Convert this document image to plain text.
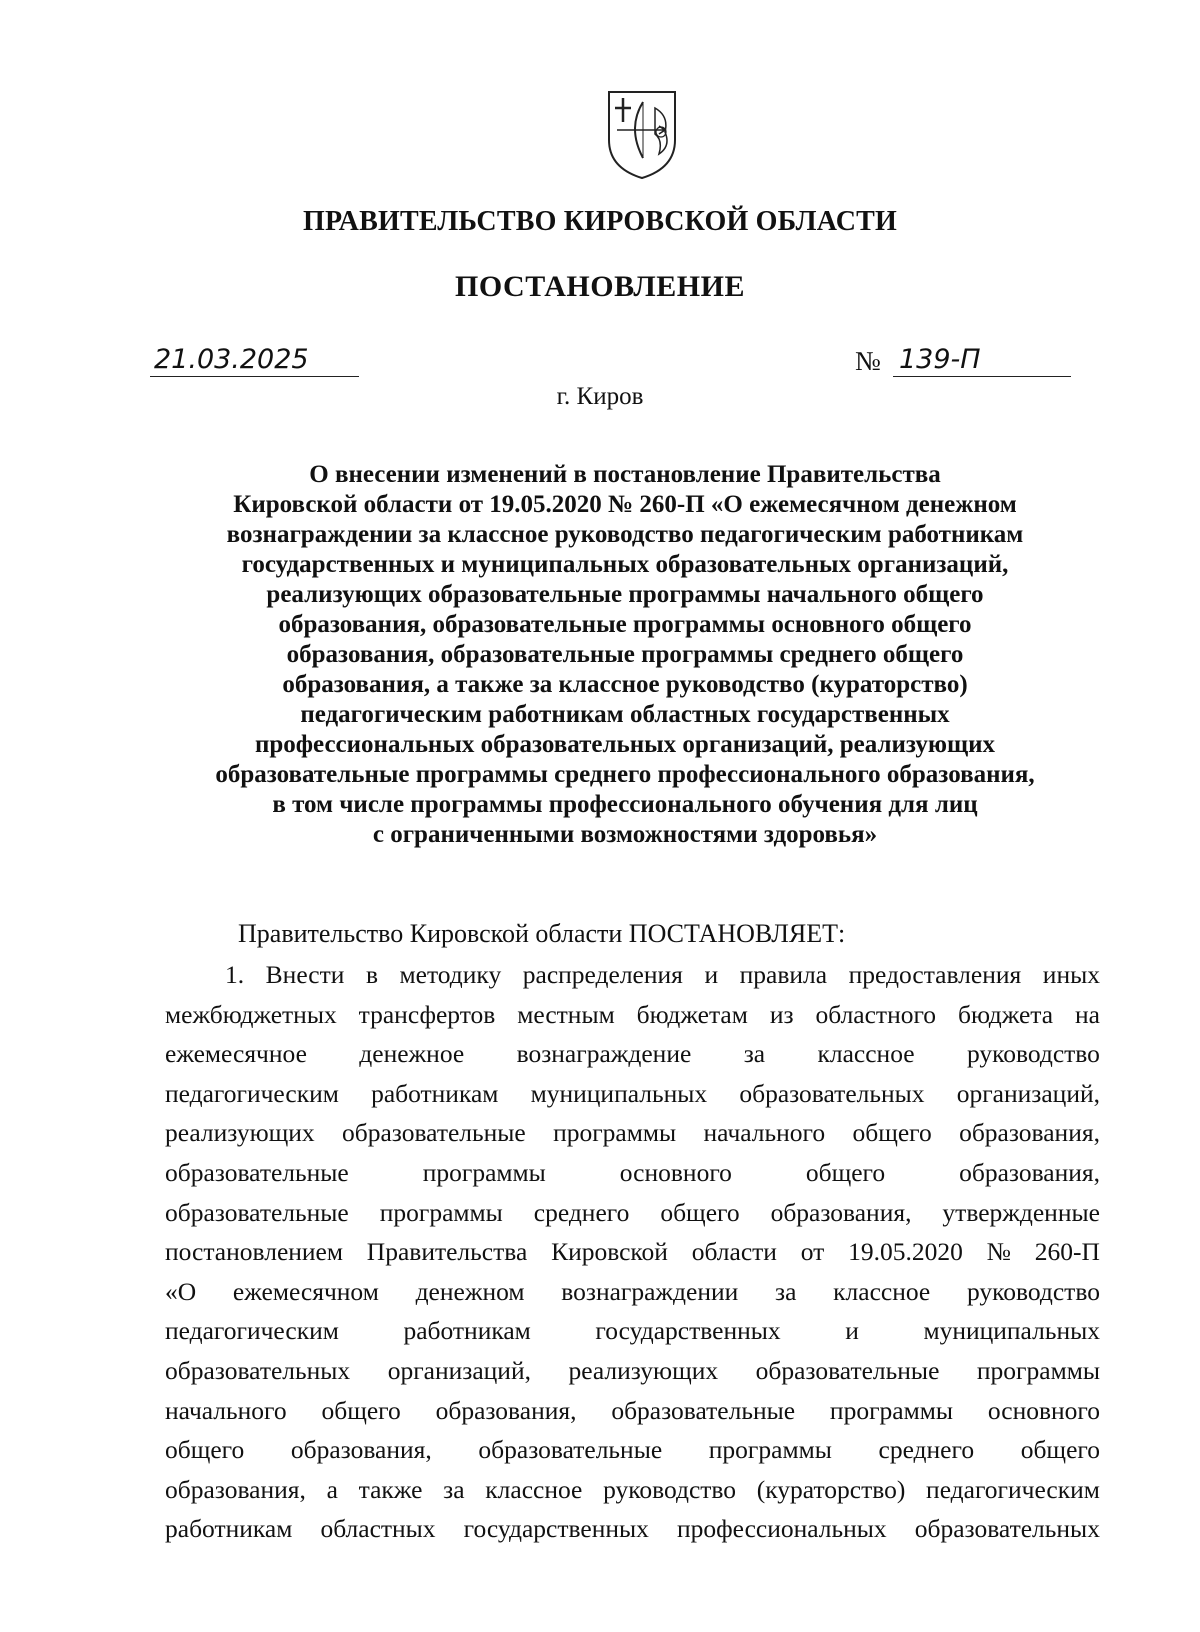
ПРАВИТЕЛЬСТВО КИРОВСКОЙ ОБЛАСТИ
ПОСТАНОВЛЕНИЕ
21.03.2025	№ 139-П
г. Киров
О внесении изменений в постановление Правительства
Кировской области от 19.05.2020 № 260-П «О ежемесячном денежном
вознаграждении за классное руководство педагогическим работникам
государственных и муниципальных образовательных организаций,
реализующих образовательные программы начального общего
образования, образовательные программы основного общего
образования, образовательные программы среднего общего
образования, а также за классное руководство (кураторство)
педагогическим работникам областных государственных
профессиональных образовательных организаций, реализующих
образовательные программы среднего профессионального образования,
в том числе программы профессионального обучения для лиц
с ограниченными возможностями здоровья»
Правительство Кировской области ПОСТАНОВЛЯЕТ:
1. Внести в методику распределения и правила предоставления иных
межбюджетных трансфертов местным бюджетам из областного бюджета на
ежемесячное денежное вознаграждение за классное руководство
педагогическим работникам муниципальных образовательных организаций,
реализующих образовательные программы начального общего образования,
образовательные	программы	основного	общего	образования,
образовательные программы среднего общего образования, утвержденные
постановлением Правительства Кировской области от 19.05.2020 № 260-П
«О ежемесячном денежном вознаграждении за классное руководство
педагогическим	работникам	государственных	и	муниципальных
образовательных организаций, реализующих образовательные программы
начального общего образования, образовательные программы основного
общего образования, образовательные программы среднего общего
образования, а также за классное руководство (кураторство) педагогическим
работникам областных государственных профессиональных образовательных
